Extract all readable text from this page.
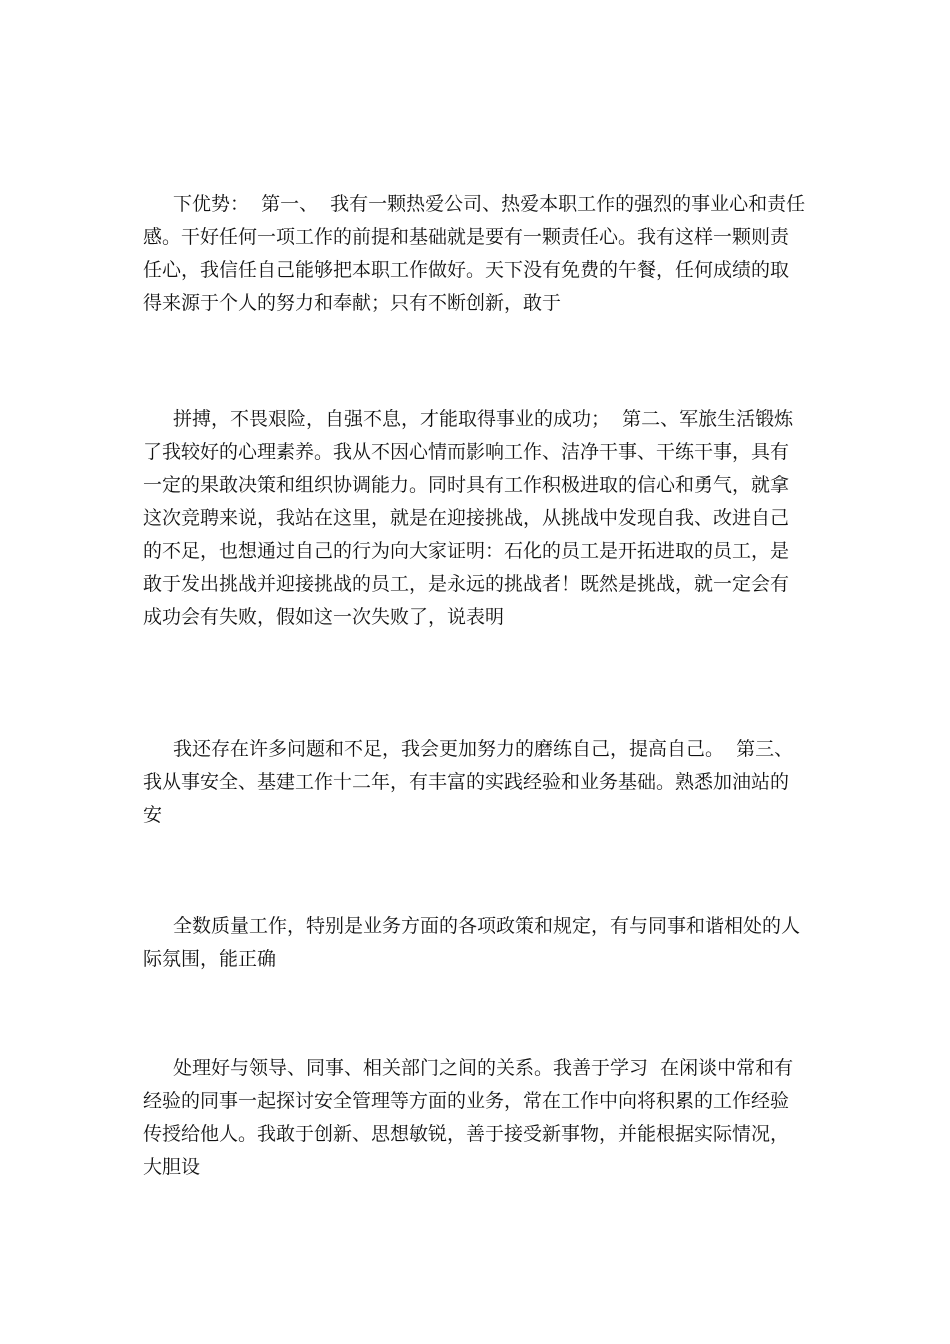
下优势：  第一、  我有一颗热爱公司、热爱本职工作的强烈的事业心和责任
感。干好任何一项工作的前提和基础就是要有一颗责任心。我有这样一颗则责
任心，我信任自己能够把本职工作做好。天下没有免费的午餐，任何成绩的取
得来源于个人的努力和奉献；只有不断创新，敢于
拼搏，不畏艰险，自强不息，才能取得事业的成功；  第二、军旅生活锻炼
了我较好的心理素养。我从不因心情而影响工作、洁净干事、干练干事，具有
一定的果敢决策和组织协调能力。同时具有工作积极进取的信心和勇气，就拿
这次竞聘来说，我站在这里，就是在迎接挑战，从挑战中发现自我、改进自己
的不足，也想通过自己的行为向大家证明：石化的员工是开拓进取的员工，是
敢于发出挑战并迎接挑战的员工，是永远的挑战者！既然是挑战，就一定会有
成功会有失败，假如这一次失败了，说表明
我还存在许多问题和不足，我会更加努力的磨练自己，提高自己。  第三、
我从事安全、基建工作十二年，有丰富的实践经验和业务基础。熟悉加油站的
安
全数质量工作，特别是业务方面的各项政策和规定，有与同事和谐相处的人
际氛围，能正确
处理好与领导、同事、相关部门之间的关系。我善于学习  在闲谈中常和有
经验的同事一起探讨安全管理等方面的业务，常在工作中向将积累的工作经验
传授给他人。我敢于创新、思想敏锐，善于接受新事物，并能根据实际情况，
大胆设
